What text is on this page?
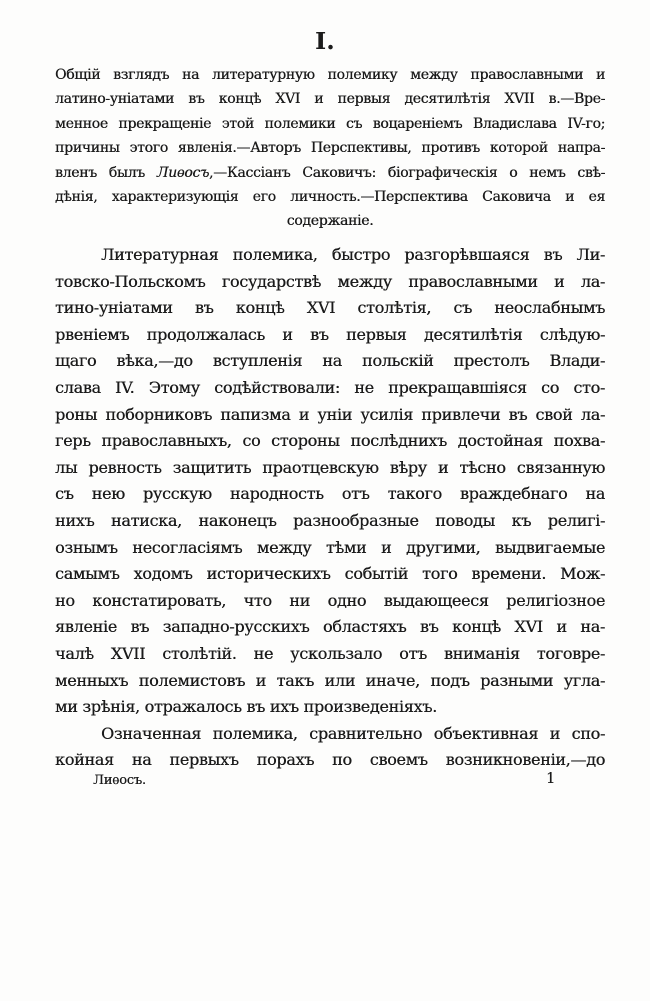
I.
Общій взглядъ на литературную полемику между православными и
латино-уніатами въ концѣ XVI и первыя десятилѣтія XVII в.—Вре-
менное прекращеніе этой полемики съ воцареніемъ Владислава IV-го;
причины этого явленія.—Авторъ Перспективы, противъ которой напра-
вленъ былъ Лиѳосъ,—Кассіанъ Саковичъ: біографическія о немъ свѣ-
дѣнія, характеризующія его личность.—Перспектива Саковича и ея
содержаніе.
Литературная полемика, быстро разгорѣвшаяся въ Ли-
товско-Польскомъ государствѣ между православными и ла-
тино-уніатами въ концѣ XVI столѣтія, съ неослабнымъ
рвеніемъ продолжалась и въ первыя десятилѣтія слѣдую-
щаго вѣка,—до вступленія на польскій престолъ Влади-
слава IV. Этому содѣйствовали: не прекращавшіяся со сто-
роны поборниковъ папизма и уніи усилія привлечи въ свой ла-
герь православныхъ, со стороны послѣднихъ достойная похва-
лы ревность защитить праотцевскую вѣру и тѣсно связанную
съ нею русскую народность отъ такого враждебнаго на
нихъ натиска, наконецъ разнообразные поводы къ религі-
ознымъ несогласіямъ между тѣми и другими, выдвигаемые
самымъ ходомъ историческихъ событій того времени. Мож-
но констатировать, что ни одно выдающееся религіозное
явленіе въ западно-русскихъ областяхъ въ концѣ XVI и на-
чалѣ XVII столѣтій. не ускользало отъ вниманія тоговре-
менныхъ полемистовъ и такъ или иначе, подъ разными угла-
ми зрѣнія, отражалось въ ихъ произведеніяхъ.
Означенная полемика, сравнительно объективная и спо-
койная на первыхъ порахъ по своемъ возникновеніи,—до
Лиѳосъ.	1
